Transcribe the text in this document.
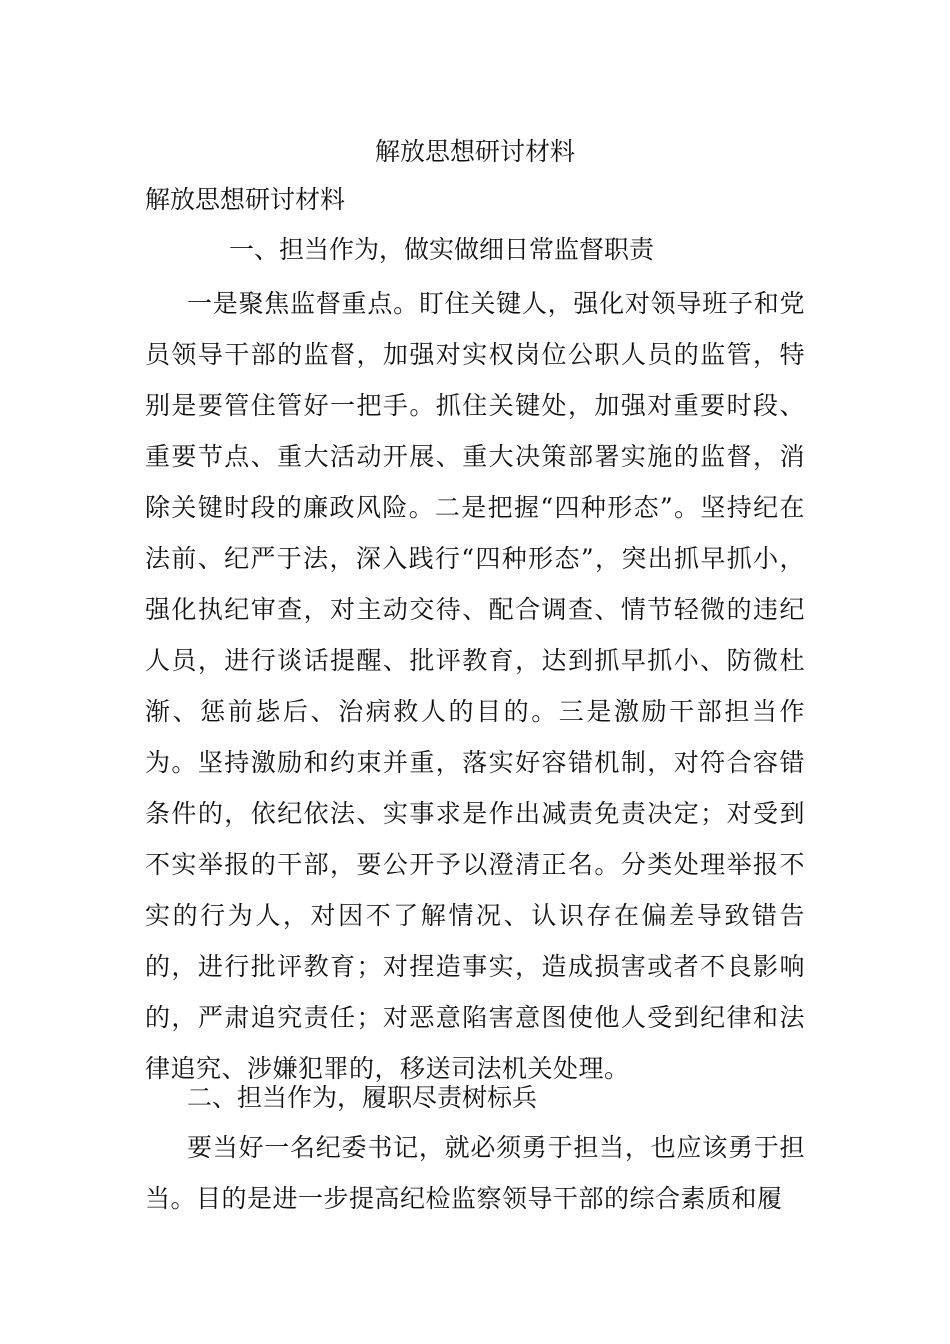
解放思想研讨材料
解放思想研讨材料
一、担当作为，做实做细日常监督职责

一是聚焦监督重点。盯住关键人，强化对领导班子和党员领导干部的监督，加强对实权岗位公职人员的监管，特别是要管住管好一把手。抓住关键处，加强对重要时段、重要节点、重大活动开展、重大决策部署实施的监督，消除关键时段的廉政风险。二是把握“四种形态”。坚持纪在法前、纪严于法，深入践行“四种形态”，突出抓早抓小，强化执纪审查，对主动交待、配合调查、情节轻微的违纪人员，进行谈话提醒、批评教育，达到抓早抓小、防微杜渐、惩前毖后、治病救人的目的。三是激励干部担当作为。坚持激励和约束并重，落实好容错机制，对符合容错条件的，依纪依法、实事求是作出减责免责决定；对受到不实举报的干部，要公开予以澄清正名。分类处理举报不实的行为人，对因不了解情况、认识存在偏差导致错告的，进行批评教育；对捏造事实，造成损害或者不良影响的，严肃追究责任；对恶意陷害意图使他人受到纪律和法律追究、涉嫌犯罪的，移送司法机关处理。

二、担当作为，履职尽责树标兵

要当好一名纪委书记，就必须勇于担当，也应该勇于担当。目的是进一步提高纪检监察领导干部的综合素质和履
